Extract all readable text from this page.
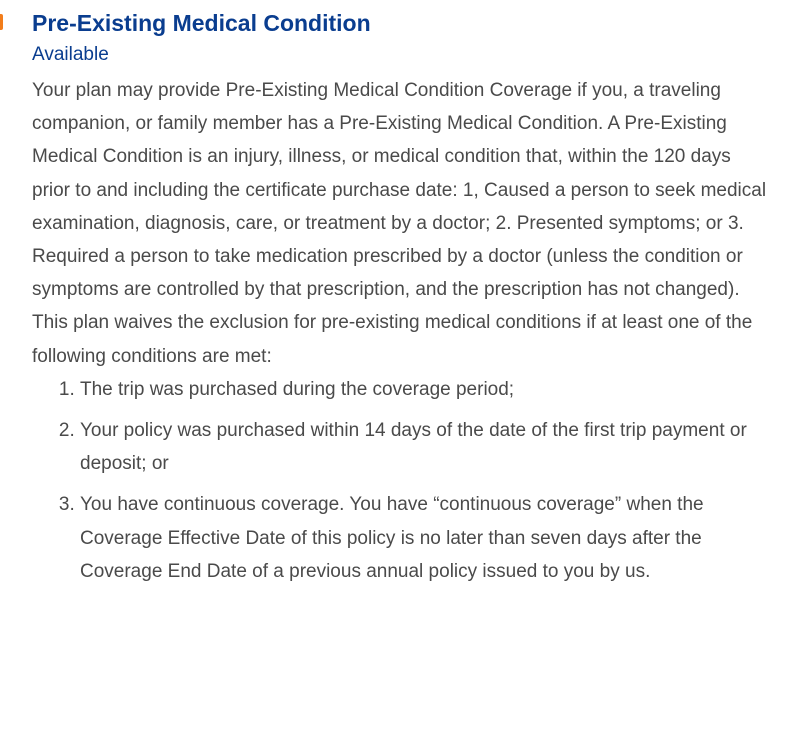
Pre-Existing Medical Condition
Available

Your plan may provide Pre-Existing Medical Condition Coverage if you, a traveling companion, or family member has a Pre-Existing Medical Condition. A Pre-Existing Medical Condition is an injury, illness, or medical condition that, within the 120 days prior to and including the certificate purchase date: 1, Caused a person to seek medical examination, diagnosis, care, or treatment by a doctor; 2. Presented symptoms; or 3. Required a person to take medication prescribed by a doctor (unless the condition or symptoms are controlled by that prescription, and the prescription has not changed).

This plan waives the exclusion for pre-existing medical conditions if at least one of the following conditions are met:

1. The trip was purchased during the coverage period;
2. Your policy was purchased within 14 days of the date of the first trip payment or deposit; or
3. You have continuous coverage. You have “continuous coverage” when the Coverage Effective Date of this policy is no later than seven days after the Coverage End Date of a previous annual policy issued to you by us.
